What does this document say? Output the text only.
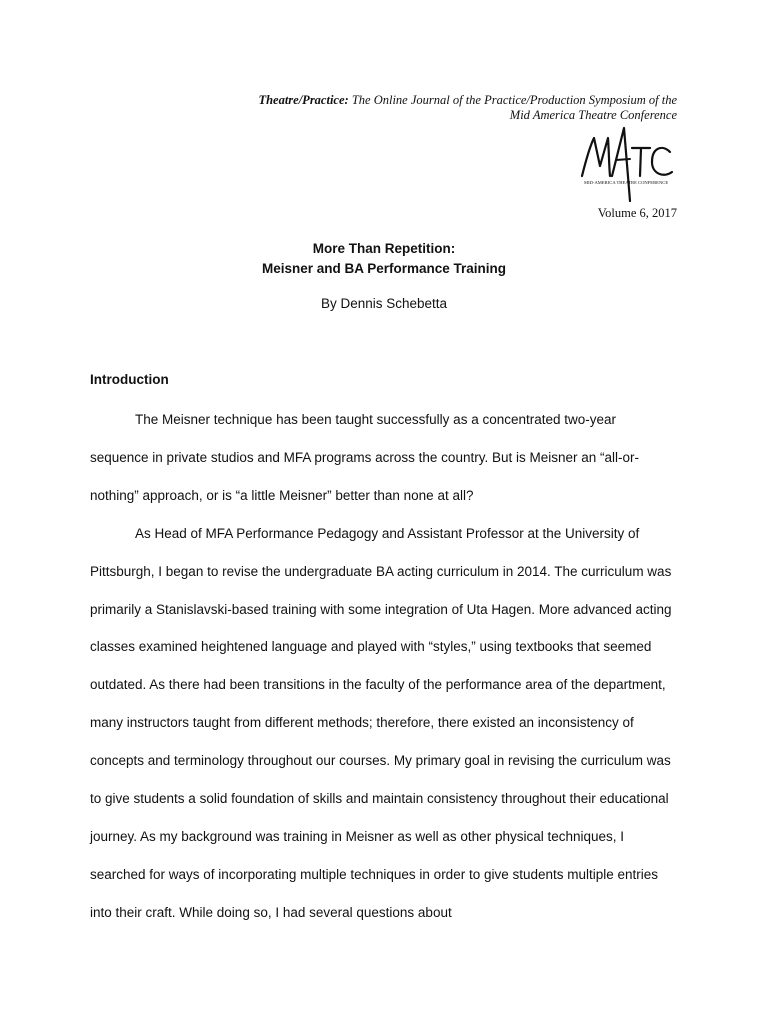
Theatre/Practice: The Online Journal of the Practice/Production Symposium of the
Mid America Theatre Conference
MID-AMERICA THEATRE CONFERENCE
Volume 6, 2017
More Than Repetition:
Meisner and BA Performance Training
By Dennis Schebetta
Introduction

The Meisner technique has been taught successfully as a concentrated two-year sequence in private studios and MFA programs across the country. But is Meisner an “all-or-nothing” approach, or is “a little Meisner” better than none at all?

As Head of MFA Performance Pedagogy and Assistant Professor at the University of Pittsburgh, I began to revise the undergraduate BA acting curriculum in 2014. The curriculum was primarily a Stanislavski-based training with some integration of Uta Hagen. More advanced acting classes examined heightened language and played with “styles,” using textbooks that seemed outdated. As there had been transitions in the faculty of the performance area of the department, many instructors taught from different methods; therefore, there existed an inconsistency of concepts and terminology throughout our courses. My primary goal in revising the curriculum was to give students a solid foundation of skills and maintain consistency throughout their educational journey. As my background was training in Meisner as well as other physical techniques, I searched for ways of incorporating multiple techniques in order to give students multiple entries into their craft. While doing so, I had several questions about
